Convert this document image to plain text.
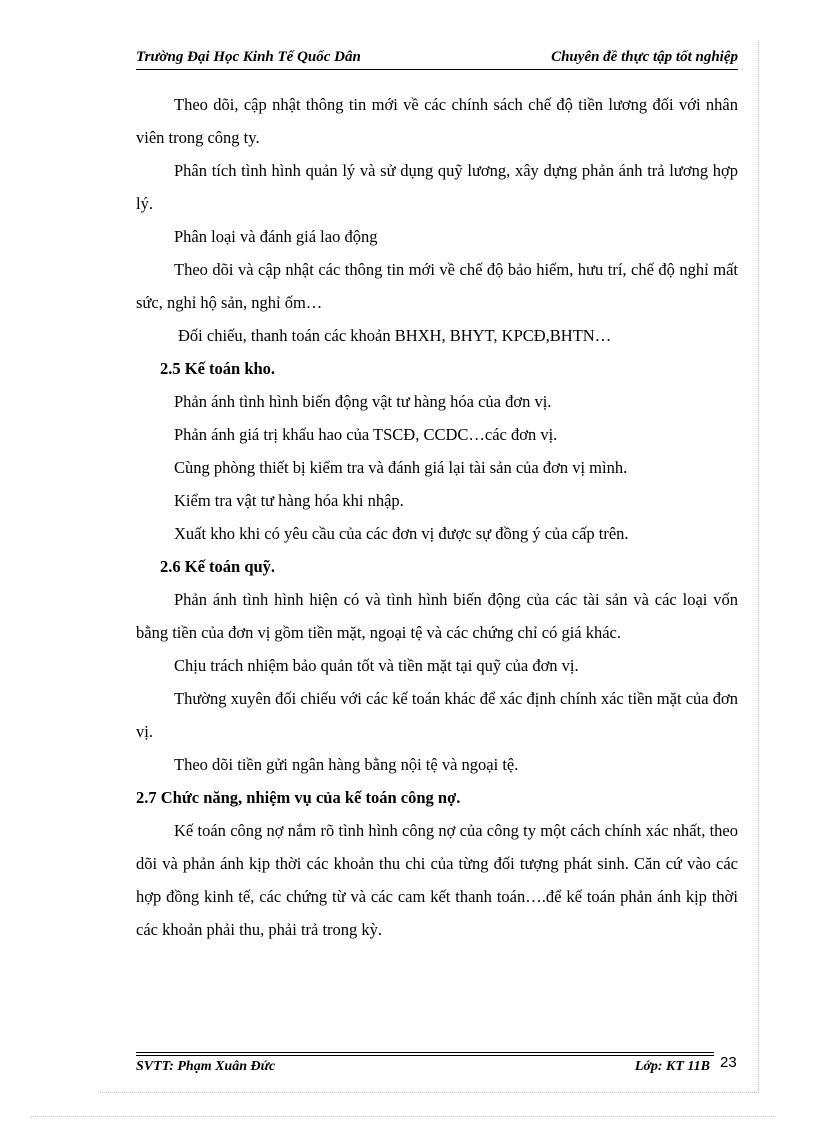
Trường Đại Học Kinh Tế Quốc Dân	Chuyên đề thực tập tốt nghiệp

Theo dõi, cập nhật thông tin mới về các chính sách chế độ tiền lương đối với nhân viên trong công ty.

Phân tích tình hình quản lý và sử dụng quỹ lương, xây dựng phản ánh trả lương hợp lý.

Phân loại và đánh giá lao động

Theo dõi và cập nhật các thông tin mới về chế độ bảo hiểm, hưu trí, chế độ nghỉ mất sức, nghỉ hộ sản, nghỉ ốm…

Đối chiếu, thanh toán các khoản BHXH, BHYT, KPCĐ,BHTN…

2.5 Kế toán kho.

Phản ánh tình hình biến động vật tư hàng hóa của đơn vị.

Phản ánh giá trị khấu hao của TSCĐ, CCDC…các đơn vị.

Cùng phòng thiết bị kiểm tra và đánh giá lại tài sản của đơn vị mình.

Kiểm tra vật tư hàng hóa khi nhập.

Xuất kho khi có yêu cầu của các đơn vị được sự đồng ý của cấp trên.

2.6 Kế toán quỹ.

Phản ánh tình hình hiện có và tình hình biến động của các tài sản và các loại vốn bằng tiền của đơn vị gồm tiền mặt, ngoại tệ và các chứng chỉ có giá khác.

Chịu trách nhiệm bảo quản tốt và tiền mặt tại quỹ của đơn vị.

Thường xuyên đối chiếu với các kế toán khác để xác định chính xác tiền mặt của đơn vị.

Theo dõi tiền gửi ngân hàng bằng nội tệ và ngoại tệ.

2.7 Chức năng, nhiệm vụ của kế toán công nợ.

Kế toán công nợ nắm rõ tình hình công nợ của công ty một cách chính xác nhất, theo dõi và phản ánh kịp thời các khoản thu chi của từng đối tượng phát sinh. Căn cứ vào các hợp đồng kinh tế, các chứng từ và các cam kết thanh toán….để kế toán phản ánh kịp thời các khoản phải thu, phải trả trong kỳ.

SVTT: Phạm Xuân Đức	Lớp: KT 11B 23
